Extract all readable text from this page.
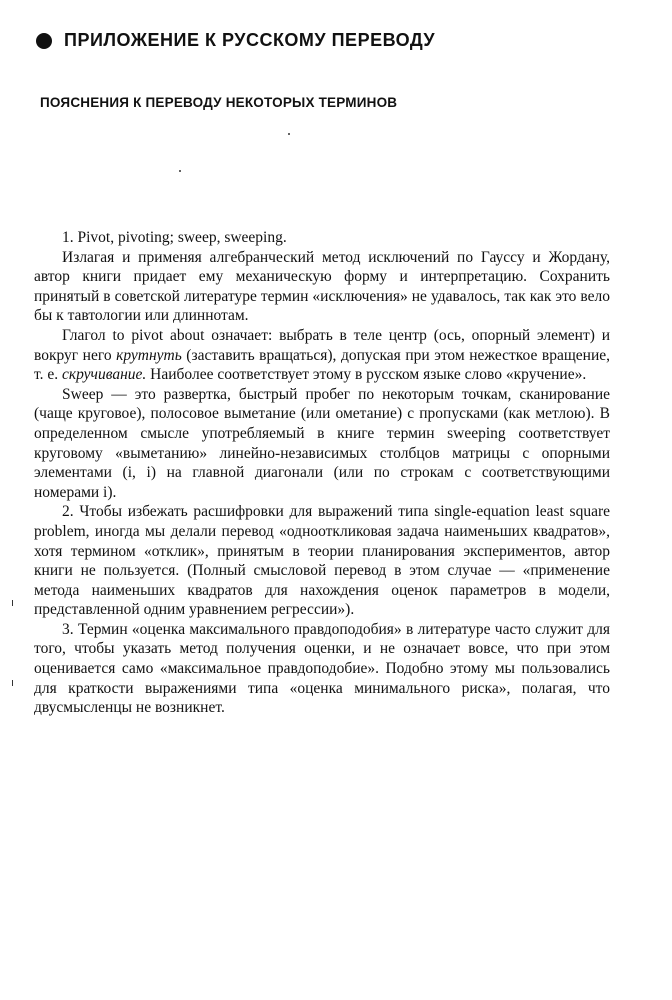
ПРИЛОЖЕНИЕ К РУССКОМУ ПЕРЕВОДУ
ПОЯСНЕНИЯ К ПЕРЕВОДУ НЕКОТОРЫХ ТЕРМИНОВ

1. Pivot, pivoting; sweep, sweeping.

Излагая и применяя алгебранческий метод исключений по Гауссу и Жордану, автор книги придает ему механическую форму и интерпретацию. Сохранить принятый в советской литературе термин «исключения» не удавалось, так как это вело бы к тавтологии или длиннотам.

Глагол to pivot about означает: выбрать в теле центр (ось, опорный элемент) и вокруг него крутнуть (заставить вращаться), допуская при этом нежесткое вращение, т. е. скручивание. Наиболее соответствует этому в русском языке слово «кручение».

Sweep — это развертка, быстрый пробег по некоторым точкам, сканирование (чаще круговое), полосовое выметание (или ометание) с пропусками (как метлою). В определенном смысле употребляемый в книге термин sweeping соответствует круговому «выметанию» линейно-независимых столбцов матрицы с опорными элементами (i, i) на главной диагонали (или по строкам с соответствующими номерами i).

2. Чтобы избежать расшифровки для выражений типа single-equation least square problem, иногда мы делали перевод «однооткликовая задача наименьших квадратов», хотя термином «отклик», принятым в теории планирования экспериментов, автор книги не пользуется. (Полный смысловой перевод в этом случае — «применение метода наименьших квадратов для нахождения оценок параметров в модели, представленной одним уравнением регрессии»).

3. Термин «оценка максимального правдоподобия» в литературе часто служит для того, чтобы указать метод получения оценки, и не означает вовсе, что при этом оценивается само «максимальное правдоподобие». Подобно этому мы пользовались для краткости выражениями типа «оценка минимального риска», полагая, что двусмысленцы не возникнет.
